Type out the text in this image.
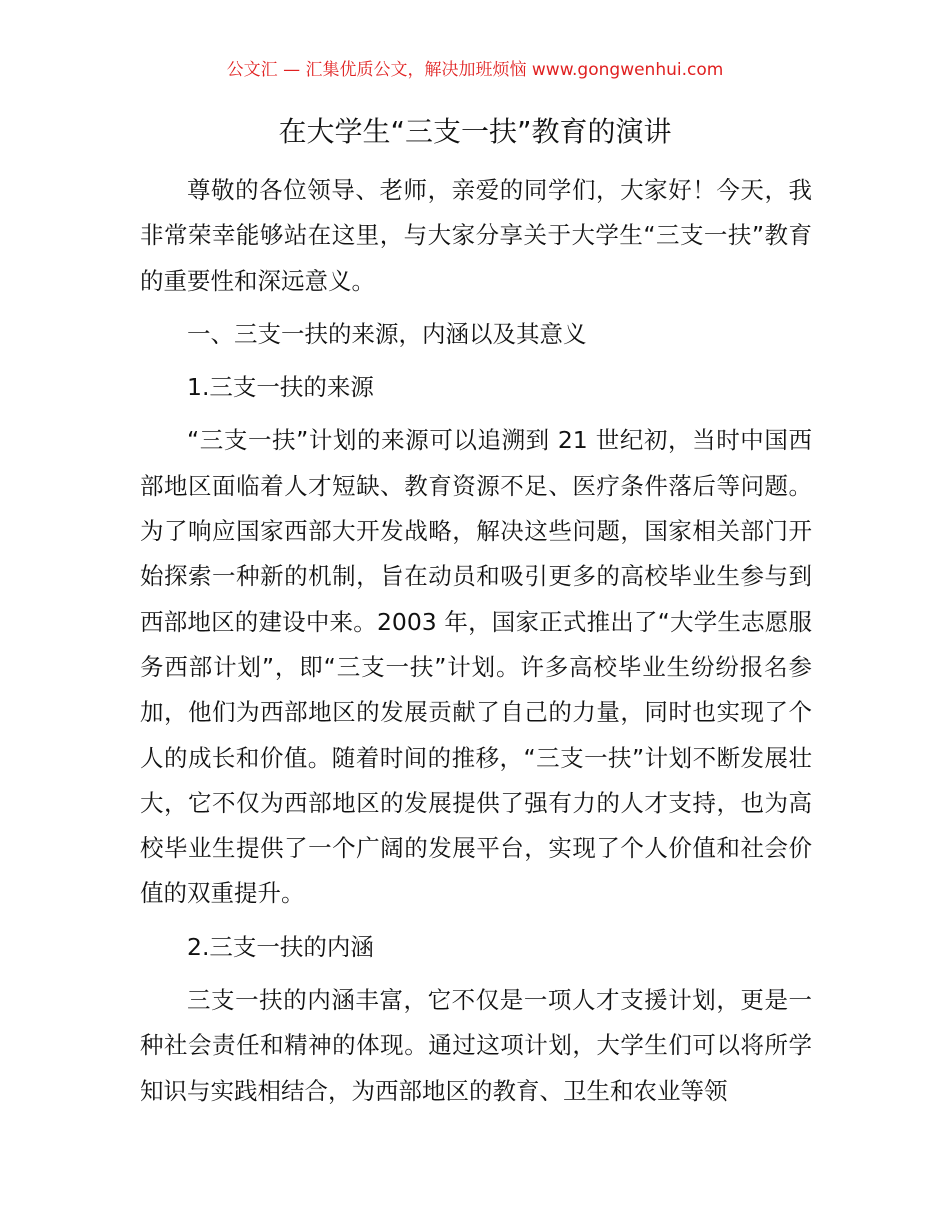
公文汇 — 汇集优质公文，解决加班烦恼 www.gongwenhui.com
在大学生“三支一扶”教育的演讲

尊敬的各位领导、老师，亲爱的同学们，大家好！今天，我非常荣幸能够站在这里，与大家分享关于大学生“三支一扶”教育的重要性和深远意义。

一、三支一扶的来源，内涵以及其意义

1.三支一扶的来源

“三支一扶”计划的来源可以追溯到 21 世纪初，当时中国西部地区面临着人才短缺、教育资源不足、医疗条件落后等问题。为了响应国家西部大开发战略，解决这些问题，国家相关部门开始探索一种新的机制，旨在动员和吸引更多的高校毕业生参与到西部地区的建设中来。2003 年，国家正式推出了“大学生志愿服务西部计划”，即“三支一扶”计划。许多高校毕业生纷纷报名参加，他们为西部地区的发展贡献了自己的力量，同时也实现了个人的成长和价值。随着时间的推移，“三支一扶”计划不断发展壮大，它不仅为西部地区的发展提供了强有力的人才支持，也为高校毕业生提供了一个广阔的发展平台，实现了个人价值和社会价值的双重提升。

2.三支一扶的内涵

三支一扶的内涵丰富，它不仅是一项人才支援计划，更是一种社会责任和精神的体现。通过这项计划，大学生们可以将所学知识与实践相结合，为西部地区的教育、卫生和农业等领
